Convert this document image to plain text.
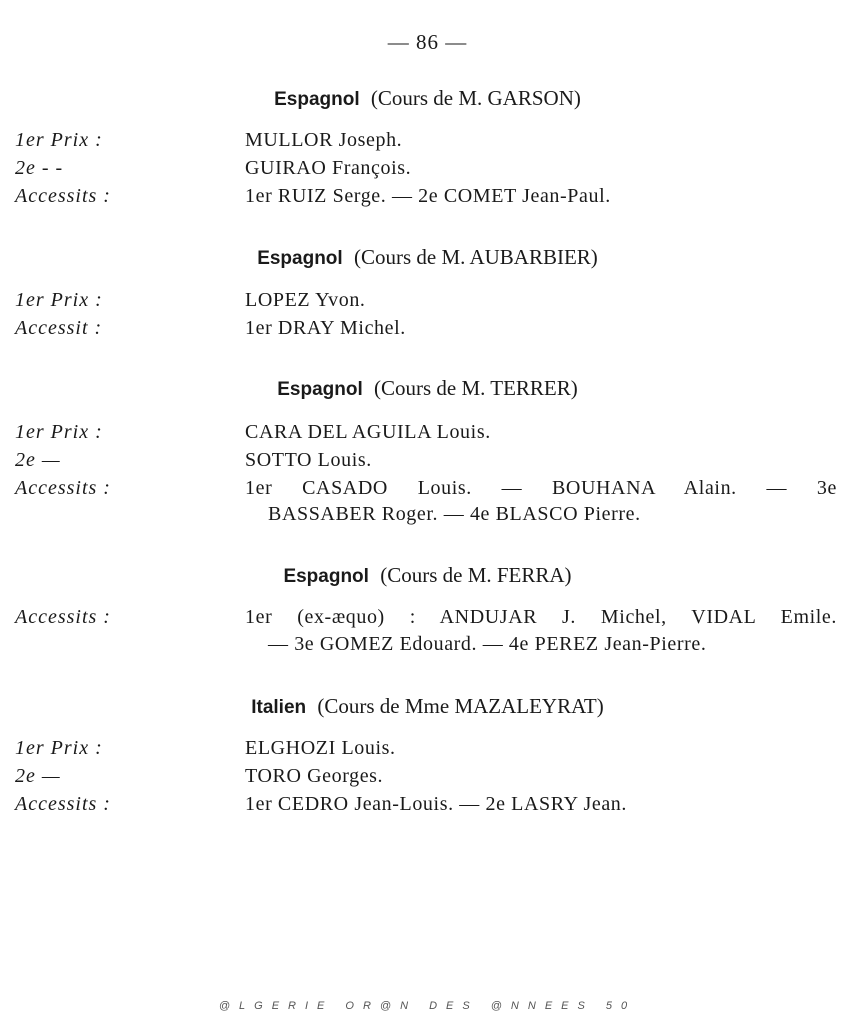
— 86 —
Espagnol (Cours de M. GARSON)
1er Prix :	MULLOR Joseph.
2e - -	GUIRAO François.
Accessits :	1er RUIZ Serge. — 2e COMET Jean-Paul.
Espagnol (Cours de M. AUBARBIER)
1er Prix :	LOPEZ Yvon.
Accessit :	1er DRAY Michel.
Espagnol (Cours de M. TERRER)
1er Prix :	CARA DEL AGUILA Louis.
2e —	SOTTO Louis.
Accessits :	1er CASADO Louis. — BOUHANA Alain. — 3e
BASSABER Roger. — 4e BLASCO Pierre.
Espagnol (Cours de M. FERRA)
Accessits :	1er (ex-æquo) : ANDUJAR J. Michel, VIDAL Emile.
— 3e GOMEZ Edouard. — 4e PEREZ Jean-Pierre.
Italien (Cours de Mme MAZALEYRAT)
1er Prix :	ELGHOZI Louis.
2e —	TORO Georges.
Accessits :	1er CEDRO Jean-Louis. — 2e LASRY Jean.
@LGERIE OR@N DES @NNEES 50
